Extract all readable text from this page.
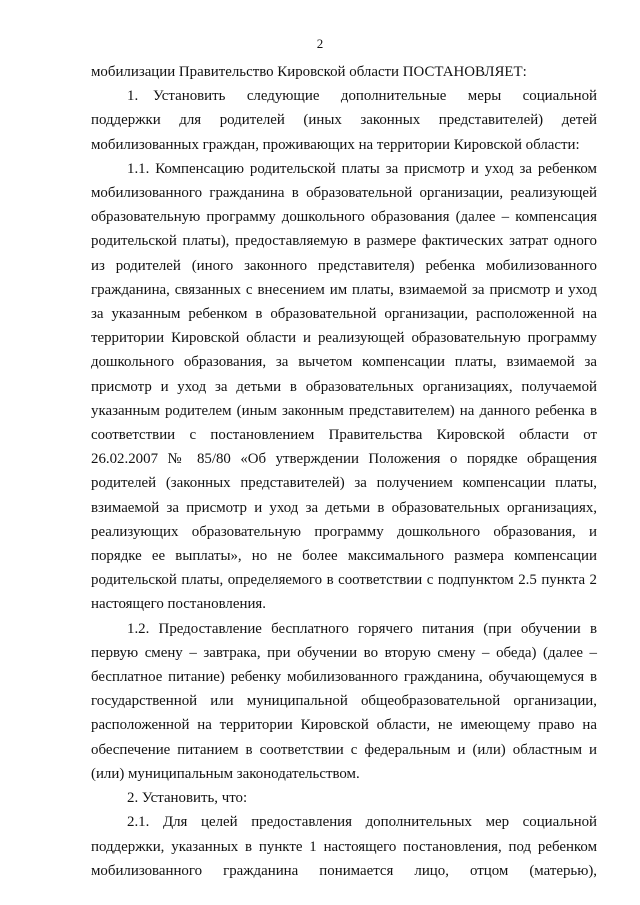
2

мобилизации Правительство Кировской области ПОСТАНОВЛЯЕТ:

1. Установить следующие дополнительные меры социальной поддержки для родителей (иных законных представителей) детей мобилизованных граждан, проживающих на территории Кировской области:

1.1. Компенсацию родительской платы за присмотр и уход за ребенком мобилизованного гражданина в образовательной организации, реализующей образовательную программу дошкольного образования (далее – компенсация родительской платы), предоставляемую в размере фактических затрат одного из родителей (иного законного представителя) ребенка мобилизованного гражданина, связанных с внесением им платы, взимаемой за присмотр и уход за указанным ребенком в образовательной организации, расположенной на территории Кировской области и реализующей образовательную программу дошкольного образования, за вычетом компенсации платы, взимаемой за присмотр и уход за детьми в образовательных организациях, получаемой указанным родителем (иным законным представителем) на данного ребенка в соответствии с постановлением Правительства Кировской области от 26.02.2007 № 85/80 «Об утверждении Положения о порядке обращения родителей (законных представителей) за получением компенсации платы, взимаемой за присмотр и уход за детьми в образовательных организациях, реализующих образовательную программу дошкольного образования, и порядке ее выплаты», но не более максимального размера компенсации родительской платы, определяемого в соответствии с подпунктом 2.5 пункта 2 настоящего постановления.

1.2. Предоставление бесплатного горячего питания (при обучении в первую смену – завтрака, при обучении во вторую смену – обеда) (далее – бесплатное питание) ребенку мобилизованного гражданина, обучающемуся в государственной или муниципальной общеобразовательной организации, расположенной на территории Кировской области, не имеющему право на обеспечение питанием в соответствии с федеральным и (или) областным и (или) муниципальным законодательством.

2. Установить, что:

2.1. Для целей предоставления дополнительных мер социальной поддержки, указанных в пункте 1 настоящего постановления, под ребенком мобилизованного гражданина понимается лицо, отцом (матерью),
